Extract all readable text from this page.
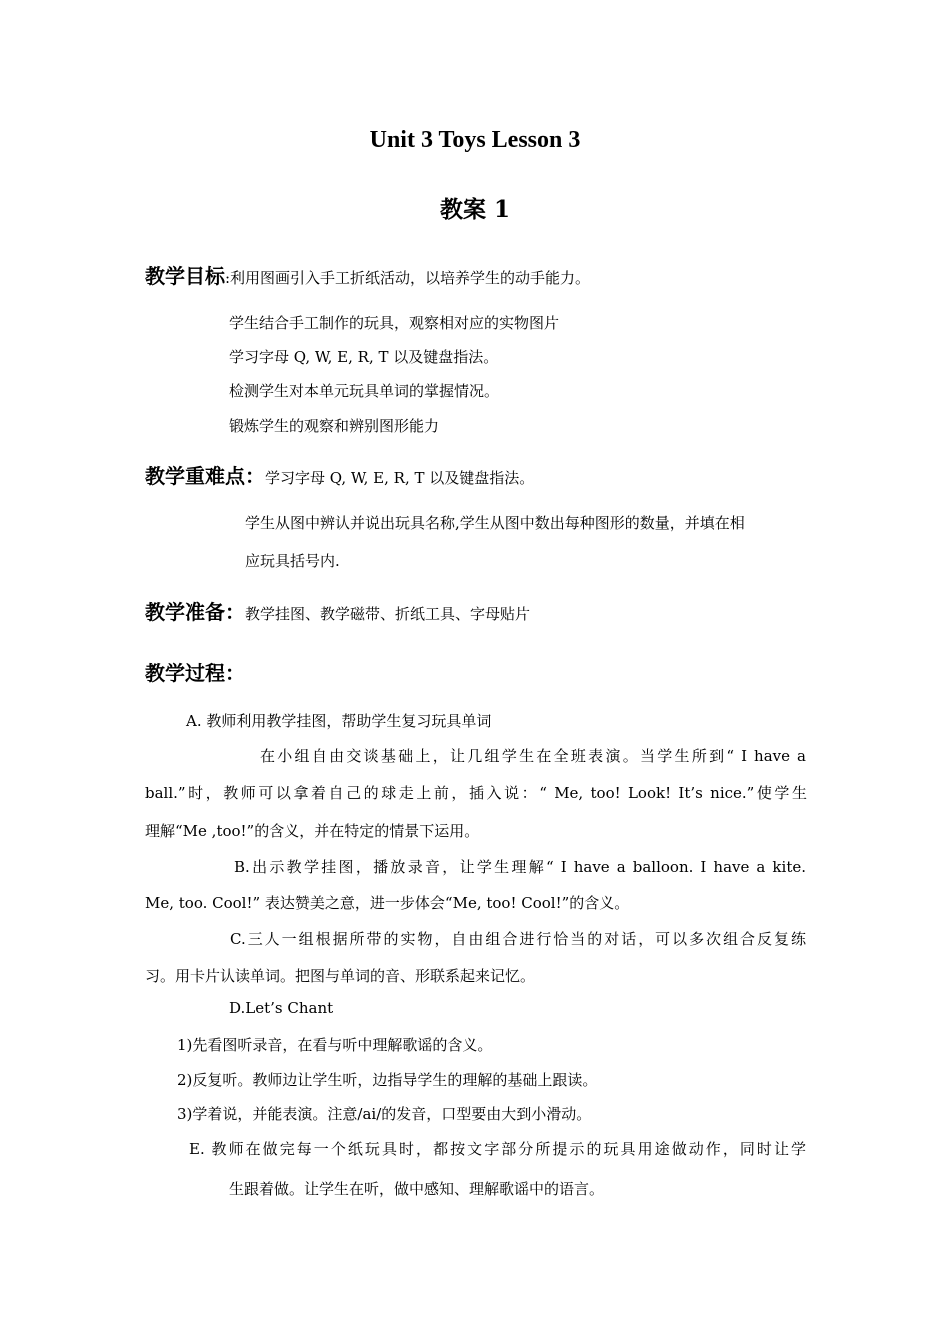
Unit 3 Toys Lesson 3
教案 1
教学目标:利用图画引入手工折纸活动，以培养学生的动手能力。
学生结合手工制作的玩具，观察相对应的实物图片
学习字母 Q, W, E, R, T 以及键盘指法。
检测学生对本单元玩具单词的掌握情况。
锻炼学生的观察和辨别图形能力
教学重难点：学习字母 Q, W, E, R, T 以及键盘指法。
学生从图中辨认并说出玩具名称,学生从图中数出每种图形的数量，并填在相
应玩具括号内.
教学准备：教学挂图、教学磁带、折纸工具、字母贴片
教学过程：
A. 教师利用教学挂图，帮助学生复习玩具单词
在小组自由交谈基础上，让几组学生在全班表演。当学生所到“ I have a
ball.”时，教师可以拿着自己的球走上前，插入说：“ Me, too! Look! It’s nice.”使学生
理解“Me ,too!”的含义，并在特定的情景下运用。
B.出示教学挂图，播放录音，让学生理解“ I have a balloon. I have a kite.
Me, too. Cool!” 表达赞美之意，进一步体会“Me, too! Cool!”的含义。
C.三人一组根据所带的实物，自由组合进行恰当的对话，可以多次组合反复练
习。用卡片认读单词。把图与单词的音、形联系起来记忆。
D.Let’s Chant
1)先看图听录音，在看与听中理解歌谣的含义。
2)反复听。教师边让学生听，边指导学生的理解的基础上跟读。
3)学着说，并能表演。注意/ai/的发音，口型要由大到小滑动。
E. 教师在做完每一个纸玩具时，都按文字部分所提示的玩具用途做动作，同时让学
生跟着做。让学生在听，做中感知、理解歌谣中的语言。
